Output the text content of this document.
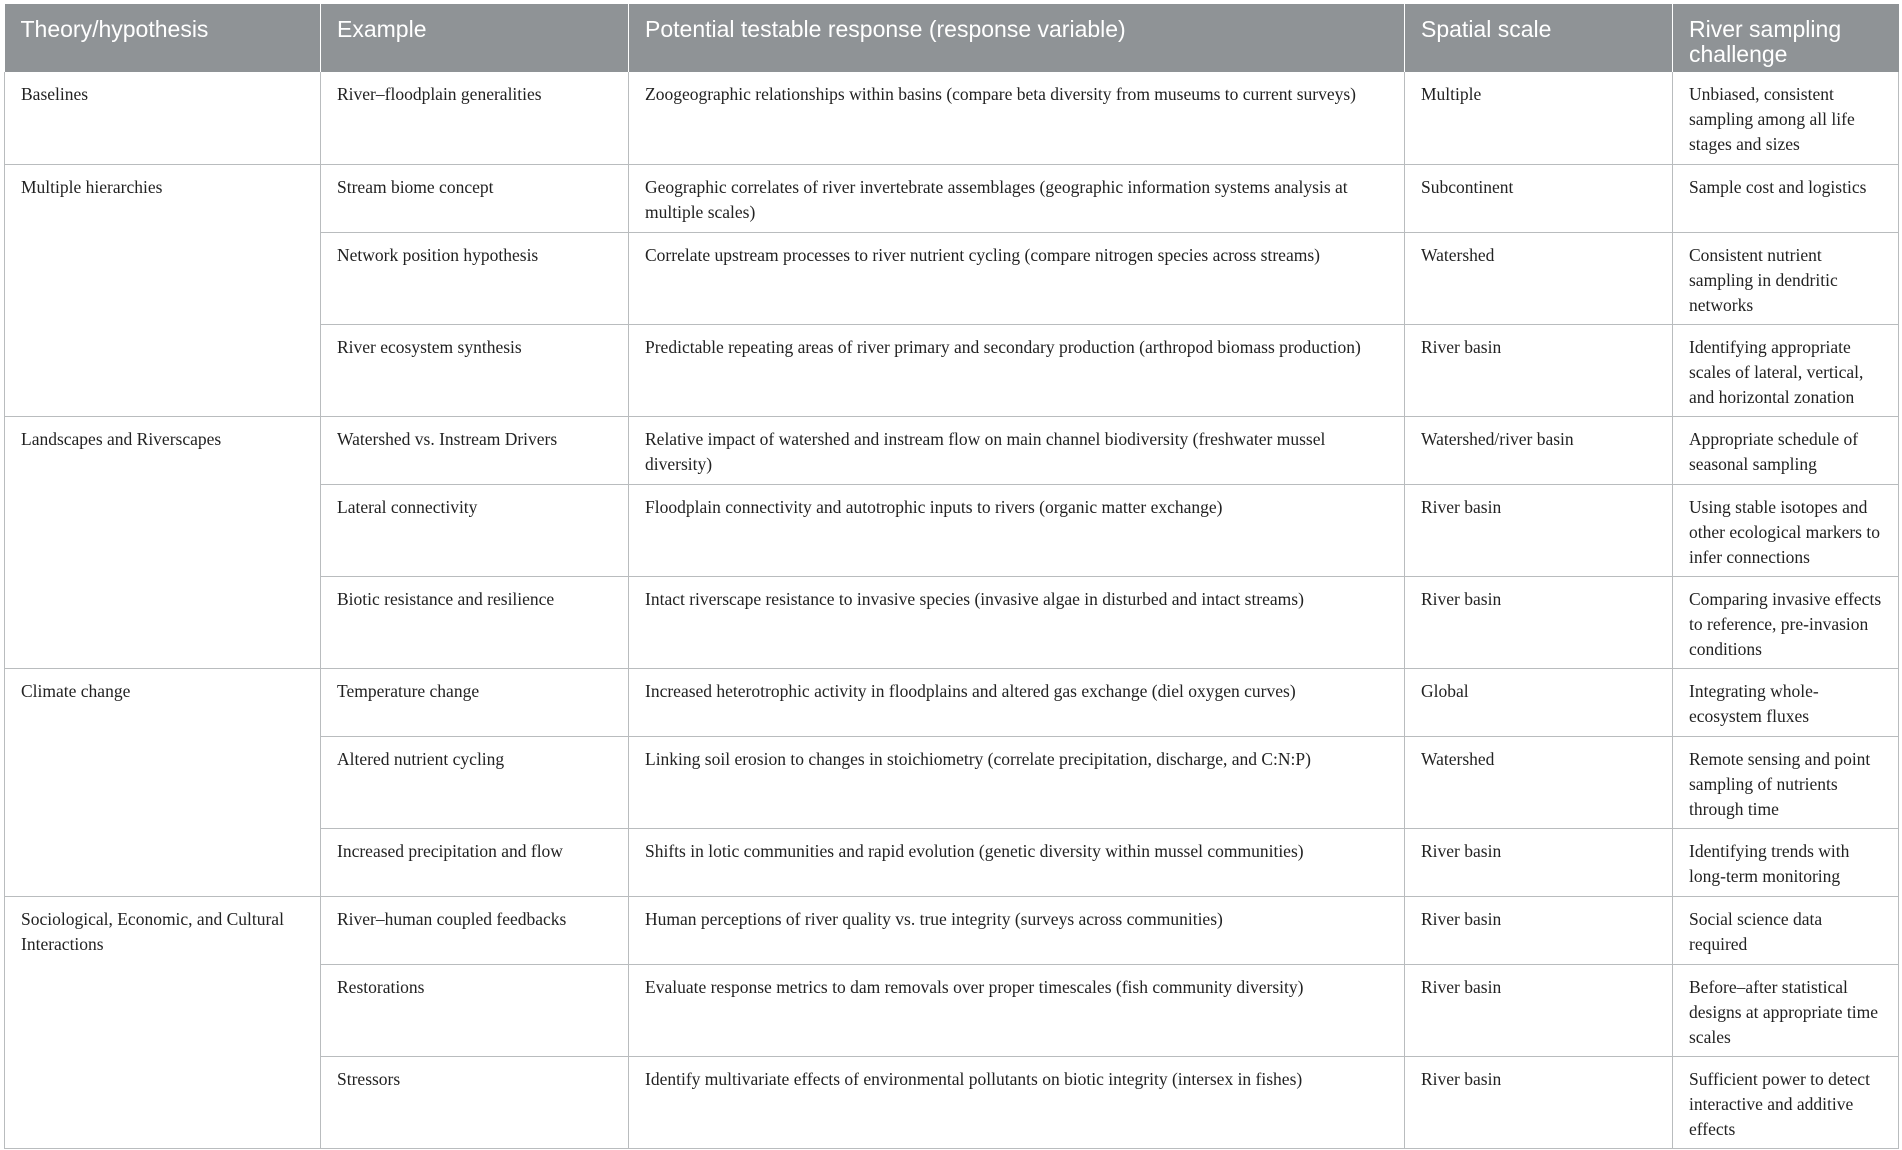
Theory/hypothesis	Example	Potential testable response (response variable)	Spatial scale	River sampling challenge
Baselines	River–floodplain generalities	Zoogeographic relationships within basins (compare beta diversity from museums to current surveys)	Multiple	Unbiased, consistent sampling among all life stages and sizes
Multiple hierarchies	Stream biome concept	Geographic correlates of river invertebrate assemblages (geographic information systems analysis at multiple scales)	Subcontinent	Sample cost and logistics
	Network position hypothesis	Correlate upstream processes to river nutrient cycling (compare nitrogen species across streams)	Watershed	Consistent nutrient sampling in dendritic networks
	River ecosystem synthesis	Predictable repeating areas of river primary and secondary production (arthropod biomass production)	River basin	Identifying appropriate scales of lateral, vertical, and horizontal zonation
Landscapes and Riverscapes	Watershed vs. Instream Drivers	Relative impact of watershed and instream flow on main channel biodiversity (freshwater mussel diversity)	Watershed/river basin	Appropriate schedule of seasonal sampling
	Lateral connectivity	Floodplain connectivity and autotrophic inputs to rivers (organic matter exchange)	River basin	Using stable isotopes and other ecological markers to infer connections
	Biotic resistance and resilience	Intact riverscape resistance to invasive species (invasive algae in disturbed and intact streams)	River basin	Comparing invasive effects to reference, pre-invasion conditions
Climate change	Temperature change	Increased heterotrophic activity in floodplains and altered gas exchange (diel oxygen curves)	Global	Integrating whole-ecosystem fluxes
	Altered nutrient cycling	Linking soil erosion to changes in stoichiometry (correlate precipitation, discharge, and C:N:P)	Watershed	Remote sensing and point sampling of nutrients through time
	Increased precipitation and flow	Shifts in lotic communities and rapid evolution (genetic diversity within mussel communities)	River basin	Identifying trends with long-term monitoring
Sociological, Economic, and Cultural Interactions	River–human coupled feedbacks	Human perceptions of river quality vs. true integrity (surveys across communities)	River basin	Social science data required
	Restorations	Evaluate response metrics to dam removals over proper timescales (fish community diversity)	River basin	Before–after statistical designs at appropriate time scales
	Stressors	Identify multivariate effects of environmental pollutants on biotic integrity (intersex in fishes)	River basin	Sufficient power to detect interactive and additive effects
